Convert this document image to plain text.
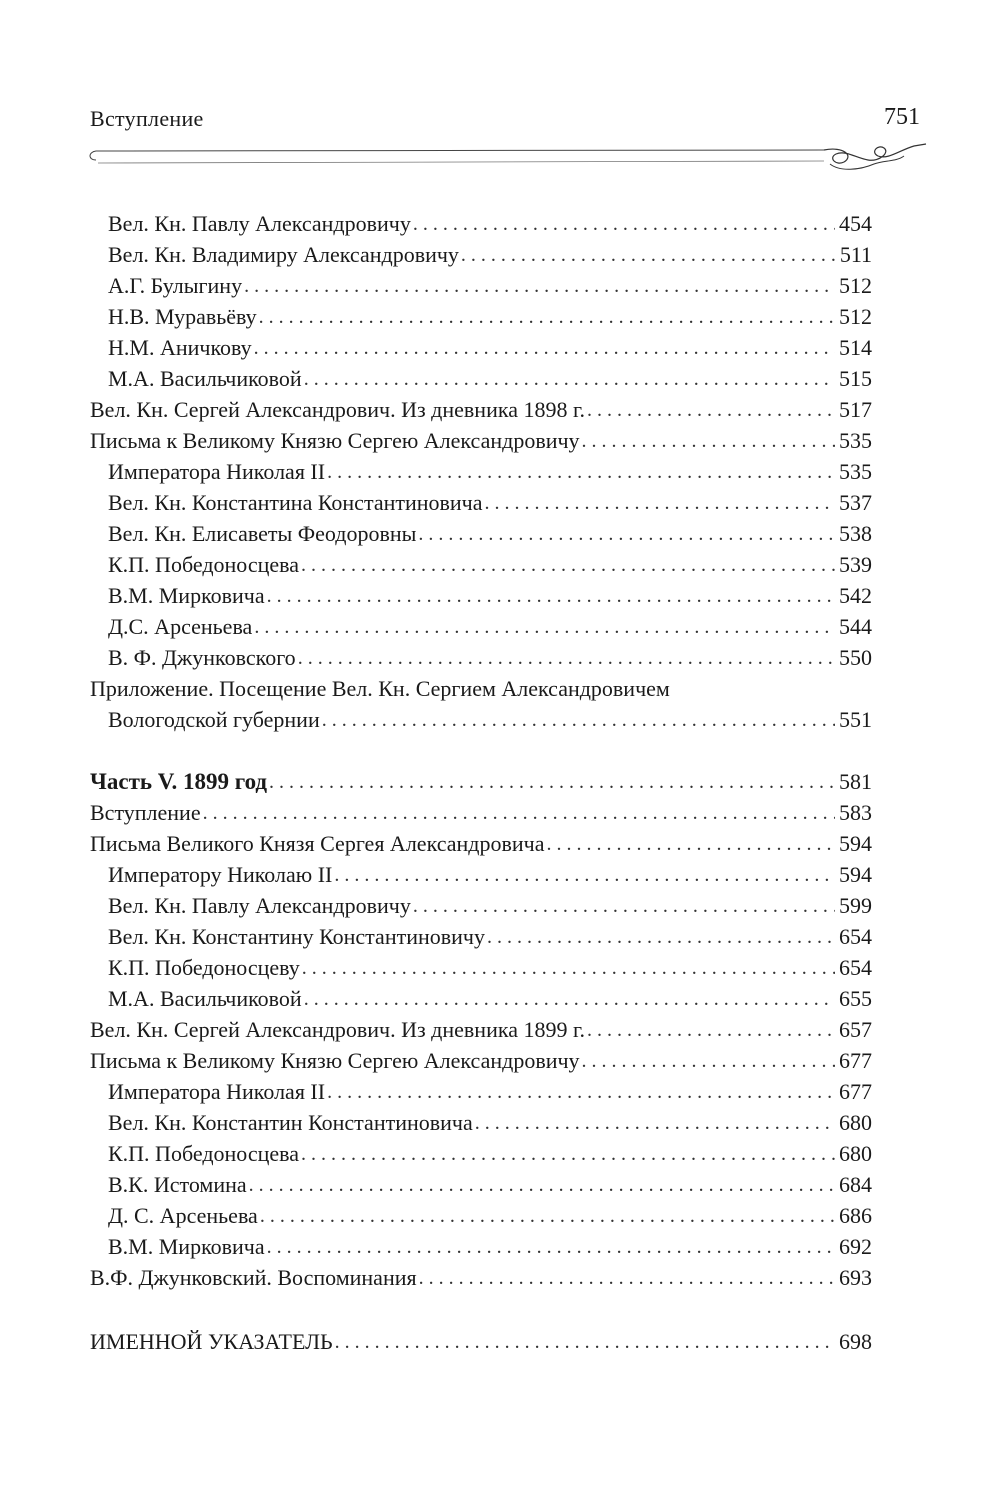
Вступление	751
Вел. Кн. Павлу Александровичу . . .	454
Вел. Кн. Владимиру Александровичу . . .	511
А.Г. Булыгину . . .	512
Н.В. Муравьёву . . .	512
Н.М. Аничкову . . .	514
М.А. Васильчиковой . . .	515
Вел. Кн. Сергей Александрович. Из дневника 1898 г. . . .	517
Письма к Великому Князю Сергею Александровичу . . .	535
Императора Николая II . . .	535
Вел. Кн. Константина Константиновича . . .	537
Вел. Кн. Елисаветы Феодоровны . . .	538
К.П. Победоносцева . . .	539
В.М. Мирковича . . .	542
Д.С. Арсеньева . . .	544
В. Ф. Джунковского . . .	550
Приложение. Посещение Вел. Кн. Сергием Александровичем
Вологодской губернии . . .	551
Часть V. 1899 год . . .	581
Вступление . . .	583
Письма Великого Князя Сергея Александровича . . .	594
Императору Николаю II . . .	594
Вел. Кн. Павлу Александровичу . . .	599
Вел. Кн. Константину Константиновичу . . .	654
К.П. Победоносцеву . . .	654
М.А. Васильчиковой . . .	655
Вел. Кн. Сергей Александрович. Из дневника 1899 г. . . .	657
Письма к Великому Князю Сергею Александровичу . . .	677
Императора Николая II . . .	677
Вел. Кн. Константин Константиновича . . .	680
К.П. Победоносцева . . .	680
В.К. Истомина . . .	684
Д. С. Арсеньева . . .	686
В.М. Мирковича . . .	692
В.Ф. Джунковский. Воспоминания . . .	693
ИМЕННОЙ УКАЗАТЕЛЬ . . .	698
